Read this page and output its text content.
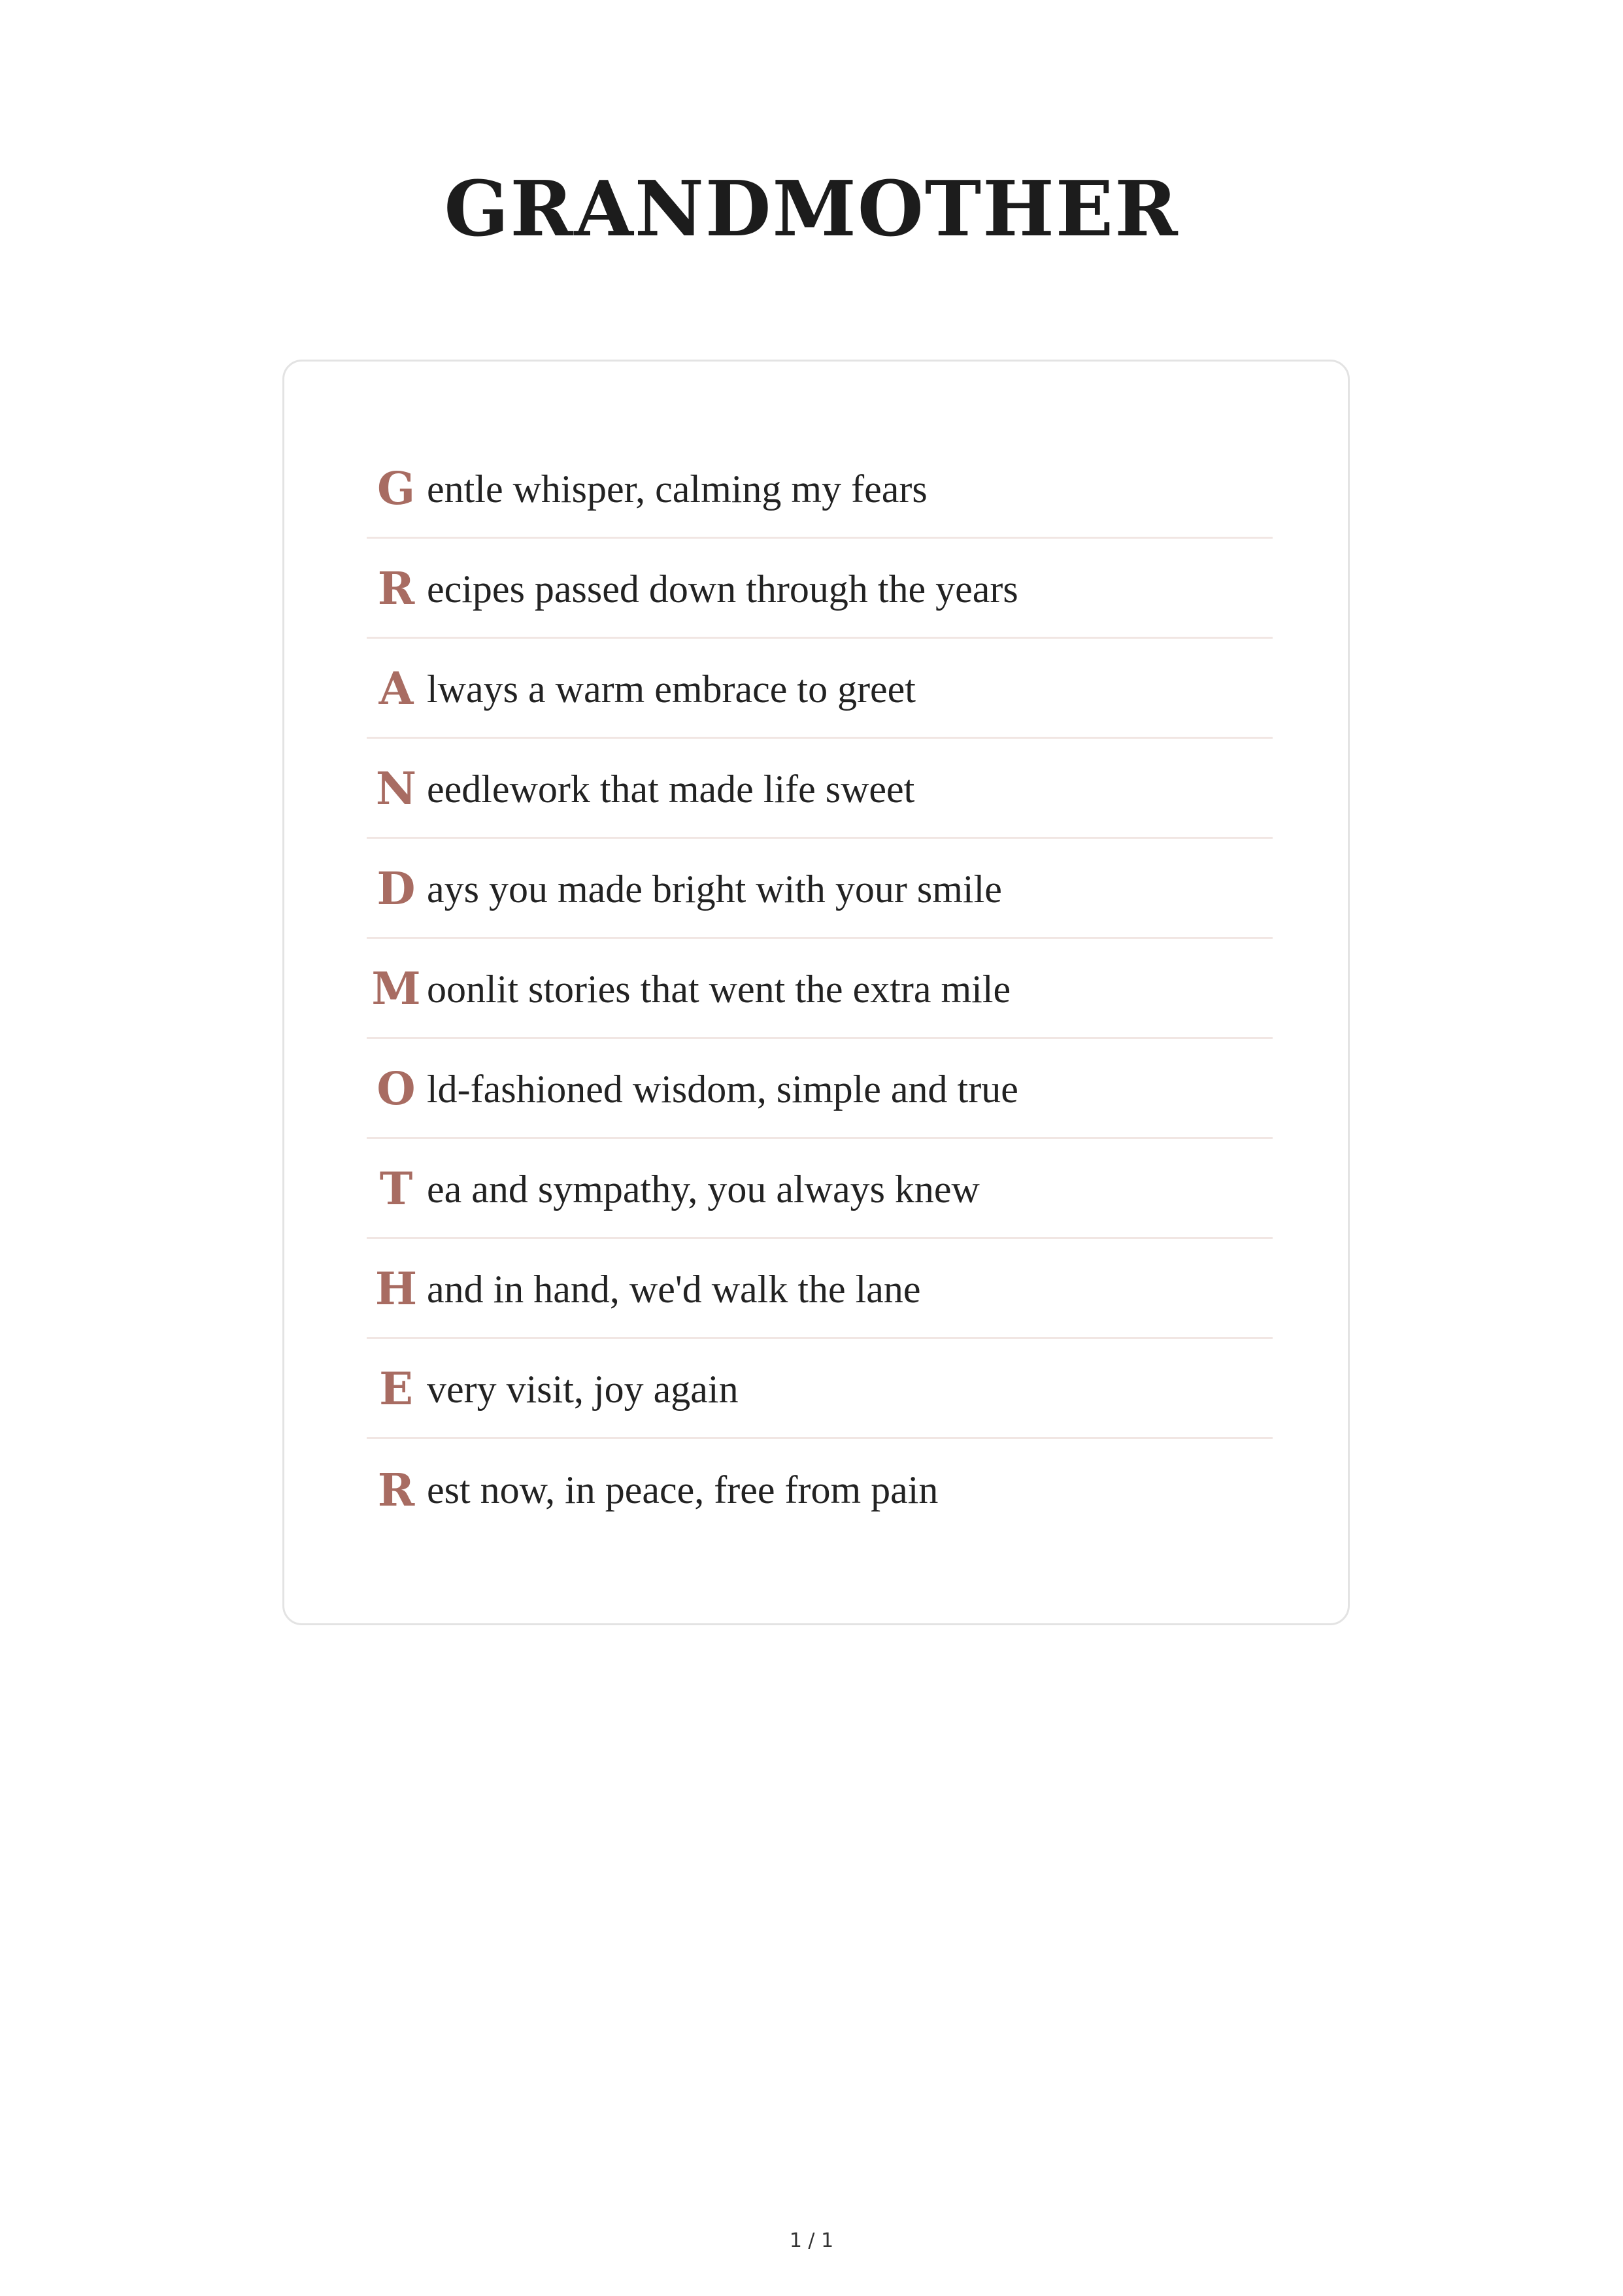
GRANDMOTHER
G entle whisper, calming my fears
R ecipes passed down through the years
A lways a warm embrace to greet
N eedlework that made life sweet
D ays you made bright with your smile
M oonlit stories that went the extra mile
O ld-fashioned wisdom, simple and true
T ea and sympathy, you always knew
H and in hand, we'd walk the lane
E very visit, joy again
R est now, in peace, free from pain
1 / 1
